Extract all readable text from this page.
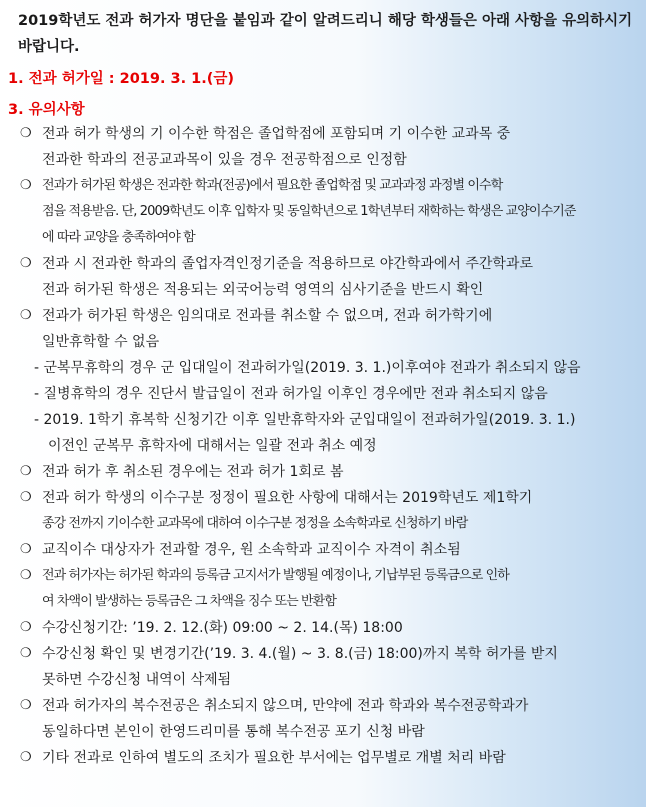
2019학년도 전과 허가자 명단을 붙임과 같이 알려드리니 해당 학생들은 아래 사항을 유의하시기 바랍니다.
1. 전과 허가일 : 2019. 3. 1.(금)
3. 유의사항
❍ 전과 허가 학생의 기 이수한 학점은 졸업학점에 포함되며 기 이수한 교과목 중
전과한 학과의 전공교과목이 있을 경우 전공학점으로 인정함
❍ 전과가 허가된 학생은 전과한 학과(전공)에서 필요한 졸업학점 및 교과과정 과정별 이수학
점을 적용받음. 단, 2009학년도 이후 입학자 및 동일학년으로 1학년부터 재학하는 학생은 교양이수기준
에 따라 교양을 충족하여야 함
❍ 전과 시 전과한 학과의 졸업자격인정기준을 적용하므로 야간학과에서 주간학과로
전과 허가된 학생은 적용되는 외국어능력 영역의 심사기준을 반드시 확인
❍ 전과가 허가된 학생은 임의대로 전과를 취소할 수 없으며, 전과 허가학기에
일반휴학할 수 없음
- 군복무휴학의 경우 군 입대일이 전과허가일(2019. 3. 1.)이후여야 전과가 취소되지 않음
- 질병휴학의 경우 진단서 발급일이 전과 허가일 이후인 경우에만 전과 취소되지 않음
- 2019. 1학기 휴복학 신청기간 이후 일반휴학자와 군입대일이 전과허가일(2019. 3. 1.)
이전인 군복무 휴학자에 대해서는 일괄 전과 취소 예정
❍ 전과 허가 후 취소된 경우에는 전과 허가 1회로 봄
❍ 전과 허가 학생의 이수구분 정정이 필요한 사항에 대해서는 2019학년도 제1학기
종강 전까지 기이수한 교과목에 대하여 이수구분 정정을 소속학과로 신청하기 바람
❍ 교직이수 대상자가 전과할 경우, 원 소속학과 교직이수 자격이 취소됨
❍ 전과 허가자는 허가된 학과의 등록금 고지서가 발행될 예정이나, 기납부된 등록금으로 인하
여 차액이 발생하는 등록금은 그 차액을 징수 또는 반환함
❍ 수강신청기간: ’19. 2. 12.(화) 09:00 ~ 2. 14.(목) 18:00
❍ 수강신청 확인 및 변경기간(’19. 3. 4.(월) ~ 3. 8.(금) 18:00)까지 복학 허가를 받지
못하면 수강신청 내역이 삭제됨
❍ 전과 허가자의 복수전공은 취소되지 않으며, 만약에 전과 학과와 복수전공학과가
동일하다면 본인이 한영드리미를 통해 복수전공 포기 신청 바람
❍ 기타 전과로 인하여 별도의 조치가 필요한 부서에는 업무별로 개별 처리 바람
